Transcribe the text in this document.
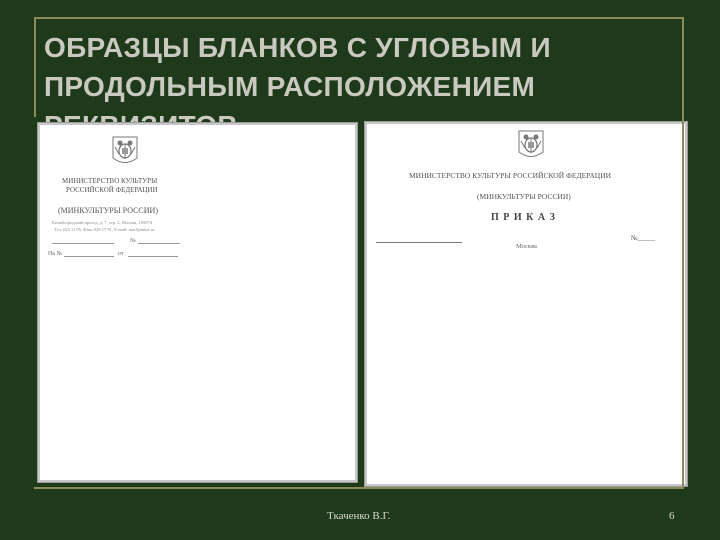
ОБРАЗЦЫ БЛАНКОВ С УГЛОВЫМ И
ПРОДОЛЬНЫМ РАСПОЛОЖЕНИЕМ

МИНИСТЕРСТВО КУЛЬТУРЫ
РОССИЙСКОЙ ФЕДЕРАЦИИ
(МИНКУЛЬТУРЫ РОССИИ)
Китайгородский проезд, д. 7, стр. 2, Москва, 109074
Тел. 625 11 95, Факс 928 17 91, E-mail: mail@mkrf.ru
№
На №	от
МИНИСТЕРСТВО КУЛЬТУРЫ РОССИЙСКОЙ ФЕДЕРАЦИИ
(МИНКУЛЬТУРЫ РОССИИ)
П Р И К А З
№_____
Москва
Ткаченко В.Г.	6
